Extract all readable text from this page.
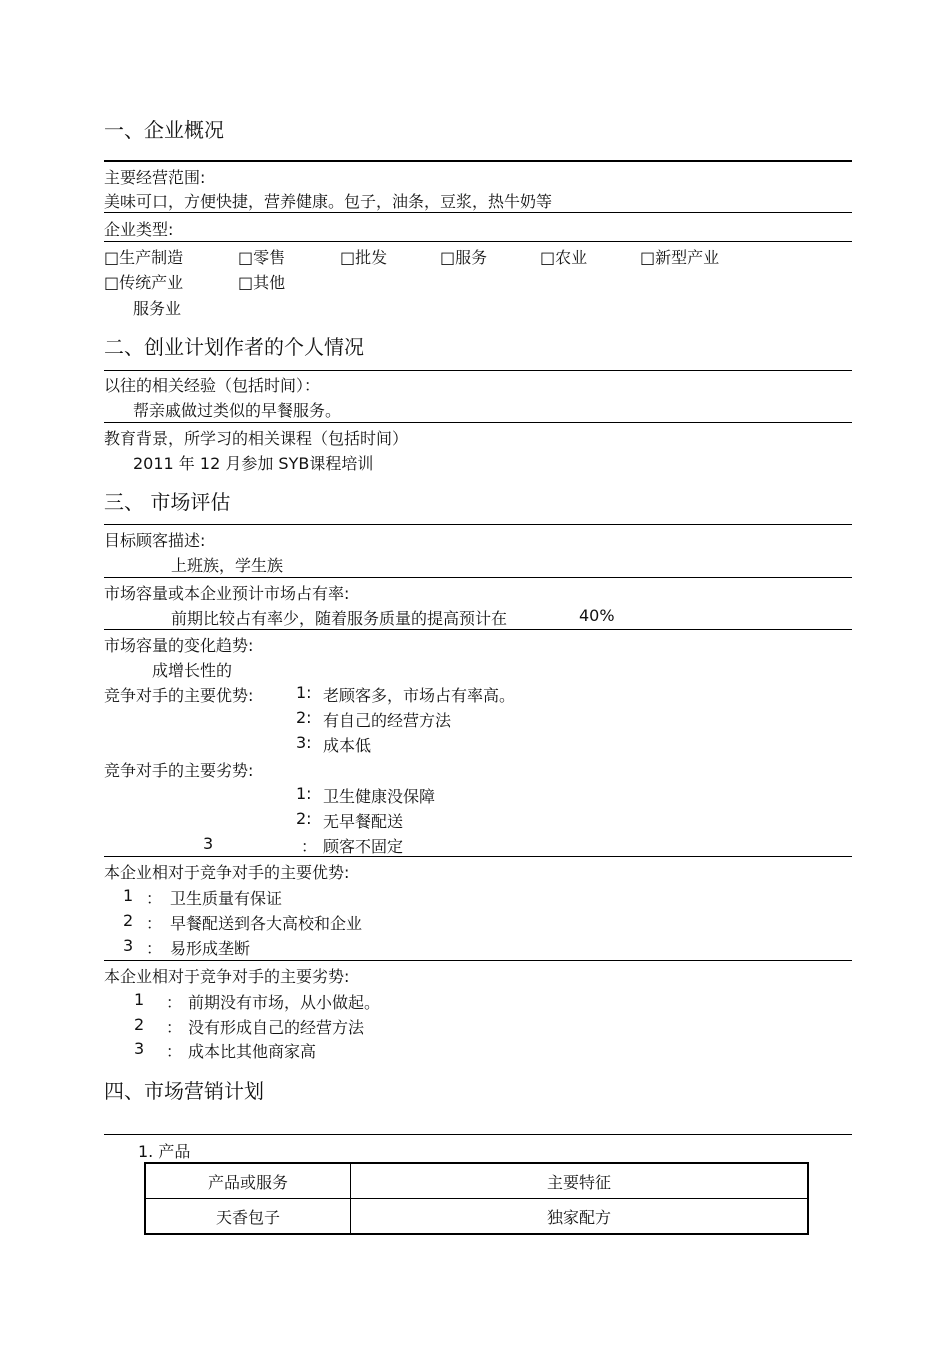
一、企业概况
主要经营范围:
美味可口，方便快捷，营养健康。包子，油条，豆浆，热牛奶等
企业类型:
□生产制造	□零售	□批发	□服务	□农业	□新型产业
□传统产业	□其他
服务业
二、创业计划作者的个人情况
以往的相关经验（包括时间）：
帮亲戚做过类似的早餐服务。
教育背景，所学习的相关课程（包括时间）
2011 年 12 月参加 SYB课程培训
三、 市场评估
目标顾客描述:
上班族，学生族
市场容量或本企业预计市场占有率:
前期比较占有率少，随着服务质量的提高预计在	40%
市场容量的变化趋势:
成增长性的
竞争对手的主要优势:	1: 老顾客多，市场占有率高。
2: 有自己的经营方法
3: 成本低
竞争对手的主要劣势:
1: 卫生健康没保障
2: 无早餐配送
3	： 顾客不固定
本企业相对于竞争对手的主要优势:
1 ： 卫生质量有保证
2 ： 早餐配送到各大高校和企业
3 ： 易形成垄断
本企业相对于竞争对手的主要劣势:
1 ： 前期没有市场，从小做起。
2 ： 没有形成自己的经营方法
3 ： 成本比其他商家高
四、市场营销计划
1. 产品
产品或服务	主要特征
天香包子	独家配方
